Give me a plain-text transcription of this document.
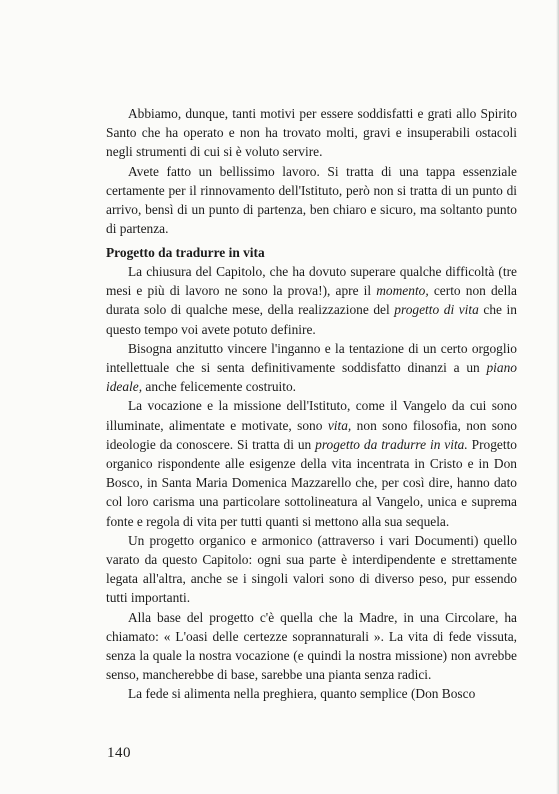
Abbiamo, dunque, tanti motivi per essere soddisfatti e grati allo Spirito Santo che ha operato e non ha trovato molti, gravi e insuperabili ostacoli negli strumenti di cui si è voluto servire.

Avete fatto un bellissimo lavoro. Si tratta di una tappa essenziale certamente per il rinnovamento dell'Istituto, però non si tratta di un punto di arrivo, bensì di un punto di partenza, ben chiaro e sicuro, ma soltanto punto di partenza.

Progetto da tradurre in vita

La chiusura del Capitolo, che ha dovuto superare qualche difficoltà (tre mesi e più di lavoro ne sono la prova!), apre il momento, certo non della durata solo di qualche mese, della realizzazione del progetto di vita che in questo tempo voi avete potuto definire.

Bisogna anzitutto vincere l'inganno e la tentazione di un certo orgoglio intellettuale che si senta definitivamente soddisfatto dinanzi a un piano ideale, anche felicemente costruito.

La vocazione e la missione dell'Istituto, come il Vangelo da cui sono illuminate, alimentate e motivate, sono vita, non sono filosofia, non sono ideologie da conoscere. Si tratta di un progetto da tradurre in vita. Progetto organico rispondente alle esigenze della vita incentrata in Cristo e in Don Bosco, in Santa Maria Domenica Mazzarello che, per così dire, hanno dato col loro carisma una particolare sottolineatura al Vangelo, unica e suprema fonte e regola di vita per tutti quanti si mettono alla sua sequela.

Un progetto organico e armonico (attraverso i vari Documenti) quello varato da questo Capitolo: ogni sua parte è interdipendente e strettamente legata all'altra, anche se i singoli valori sono di diverso peso, pur essendo tutti importanti.

Alla base del progetto c'è quella che la Madre, in una Circolare, ha chiamato: « L'oasi delle certezze soprannaturali ». La vita di fede vissuta, senza la quale la nostra vocazione (e quindi la nostra missione) non avrebbe senso, mancherebbe di base, sarebbe una pianta senza radici.

La fede si alimenta nella preghiera, quanto semplice (Don Bosco

140
